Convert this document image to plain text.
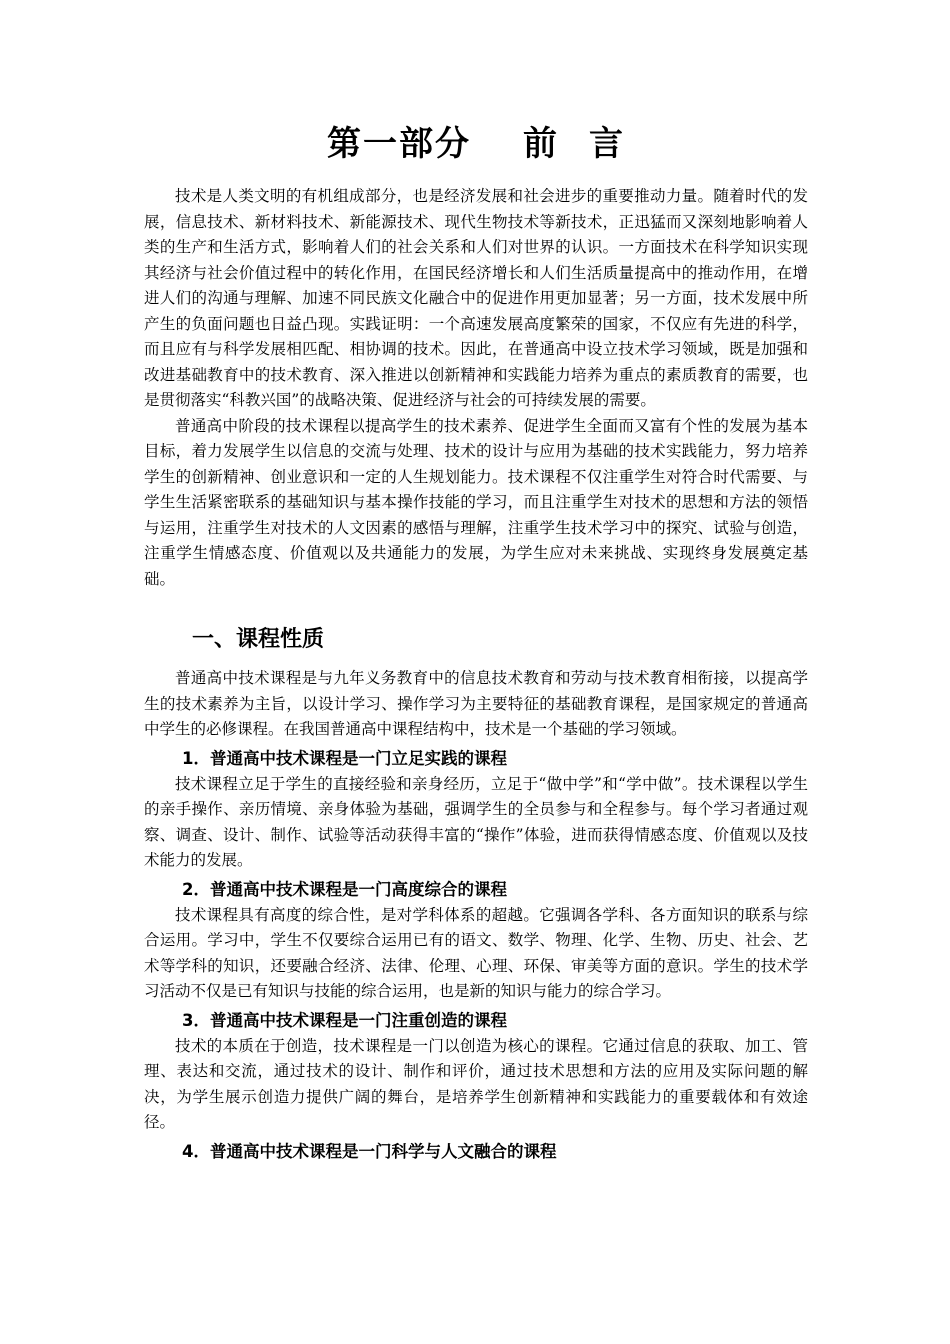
第一部分 前 言

技术是人类文明的有机组成部分，也是经济发展和社会进步的重要推动力量。随着时代的发展，信息技术、新材料技术、新能源技术、现代生物技术等新技术，正迅猛而又深刻地影响着人类的生产和生活方式，影响着人们的社会关系和人们对世界的认识。一方面技术在科学知识实现其经济与社会价值过程中的转化作用，在国民经济增长和人们生活质量提高中的推动作用，在增进人们的沟通与理解、加速不同民族文化融合中的促进作用更加显著；另一方面，技术发展中所产生的负面问题也日益凸现。实践证明：一个高速发展高度繁荣的国家，不仅应有先进的科学，而且应有与科学发展相匹配、相协调的技术。因此，在普通高中设立技术学习领域，既是加强和改进基础教育中的技术教育、深入推进以创新精神和实践能力培养为重点的素质教育的需要，也是贯彻落实“科教兴国”的战略决策、促进经济与社会的可持续发展的需要。

普通高中阶段的技术课程以提高学生的技术素养、促进学生全面而又富有个性的发展为基本目标，着力发展学生以信息的交流与处理、技术的设计与应用为基础的技术实践能力，努力培养学生的创新精神、创业意识和一定的人生规划能力。技术课程不仅注重学生对符合时代需要、与学生生活紧密联系的基础知识与基本操作技能的学习，而且注重学生对技术的思想和方法的领悟与运用，注重学生对技术的人文因素的感悟与理解，注重学生技术学习中的探究、试验与创造，注重学生情感态度、价值观以及共通能力的发展，为学生应对未来挑战、实现终身发展奠定基础。

一、课程性质

普通高中技术课程是与九年义务教育中的信息技术教育和劳动与技术教育相衔接，以提高学生的技术素养为主旨，以设计学习、操作学习为主要特征的基础教育课程，是国家规定的普通高中学生的必修课程。在我国普通高中课程结构中，技术是一个基础的学习领域。

1．普通高中技术课程是一门立足实践的课程

技术课程立足于学生的直接经验和亲身经历，立足于“做中学”和“学中做”。技术课程以学生的亲手操作、亲历情境、亲身体验为基础，强调学生的全员参与和全程参与。每个学习者通过观察、调查、设计、制作、试验等活动获得丰富的“操作”体验，进而获得情感态度、价值观以及技术能力的发展。

2．普通高中技术课程是一门高度综合的课程

技术课程具有高度的综合性，是对学科体系的超越。它强调各学科、各方面知识的联系与综合运用。学习中，学生不仅要综合运用已有的语文、数学、物理、化学、生物、历史、社会、艺术等学科的知识，还要融合经济、法律、伦理、心理、环保、审美等方面的意识。学生的技术学习活动不仅是已有知识与技能的综合运用，也是新的知识与能力的综合学习。

3．普通高中技术课程是一门注重创造的课程

技术的本质在于创造，技术课程是一门以创造为核心的课程。它通过信息的获取、加工、管理、表达和交流，通过技术的设计、制作和评价，通过技术思想和方法的应用及实际问题的解决，为学生展示创造力提供广阔的舞台，是培养学生创新精神和实践能力的重要载体和有效途径。

4．普通高中技术课程是一门科学与人文融合的课程
